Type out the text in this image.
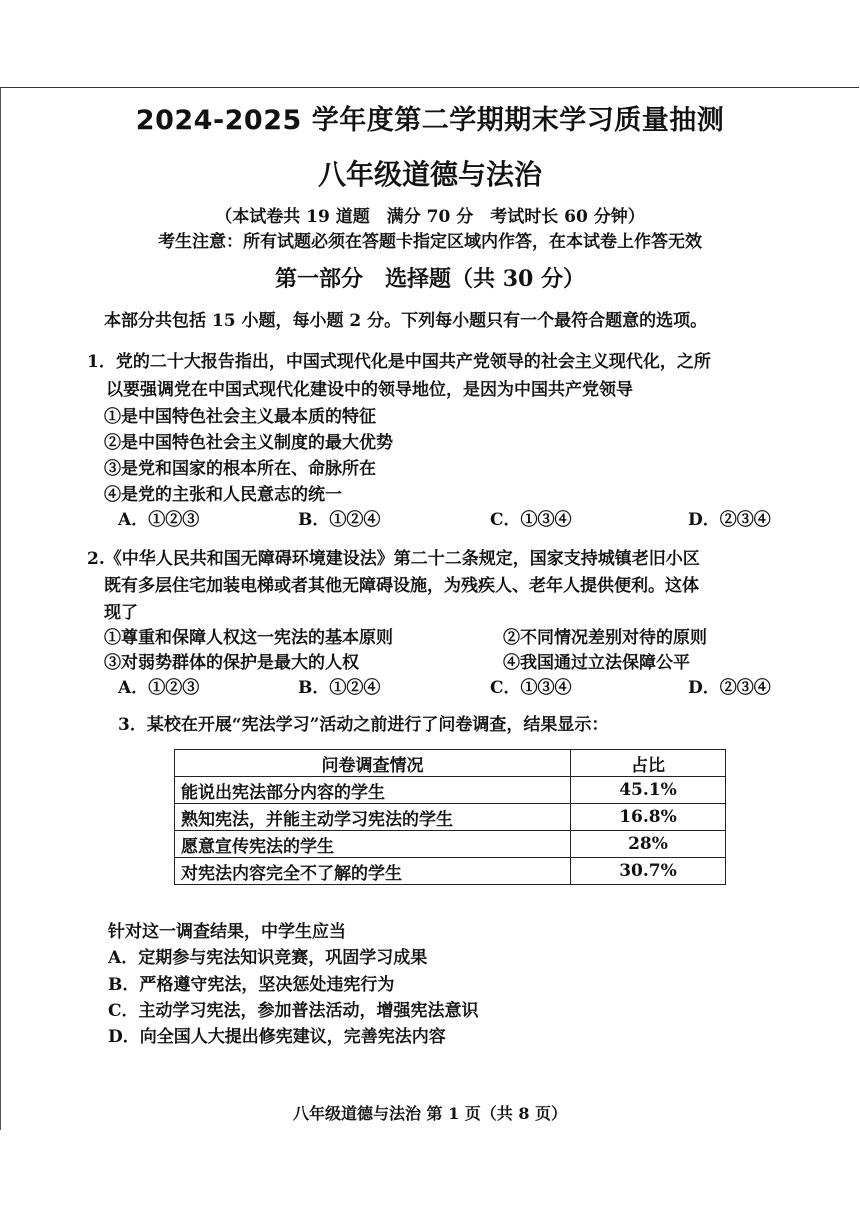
2024-2025 学年度第二学期期末学习质量抽测
八年级道德与法治
（本试卷共 19 道题　满分 70 分　考试时长 60 分钟）
考生注意：所有试题必须在答题卡指定区域内作答，在本试卷上作答无效
第一部分　选择题（共 30 分）
本部分共包括 15 小题，每小题 2 分。下列每小题只有一个最符合题意的选项。
1．党的二十大报告指出，中国式现代化是中国共产党领导的社会主义现代化，之所
以要强调党在中国式现代化建设中的领导地位，是因为中国共产党领导
①是中国特色社会主义最本质的特征
②是中国特色社会主义制度的最大优势
③是党和国家的根本所在、命脉所在
④是党的主张和人民意志的统一
A．①②③	B．①②④	C．①③④	D．②③④
2.《中华人民共和国无障碍环境建设法》第二十二条规定，国家支持城镇老旧小区
既有多层住宅加装电梯或者其他无障碍设施，为残疾人、老年人提供便利。这体
现了
①尊重和保障人权这一宪法的基本原则	②不同情况差别对待的原则
③对弱势群体的保护是最大的人权	④我国通过立法保障公平
A．①②③	B．①②④	C．①③④	D．②③④
3．某校在开展“宪法学习”活动之前进行了问卷调查，结果显示：
问卷调查情况	占比
能说出宪法部分内容的学生	45.1%
熟知宪法，并能主动学习宪法的学生	16.8%
愿意宣传宪法的学生	28%
对宪法内容完全不了解的学生	30.7%
针对这一调查结果，中学生应当
A．定期参与宪法知识竞赛，巩固学习成果
B．严格遵守宪法，坚决惩处违宪行为
C．主动学习宪法，参加普法活动，增强宪法意识
D．向全国人大提出修宪建议，完善宪法内容
八年级道德与法治 第 1 页（共 8 页）
